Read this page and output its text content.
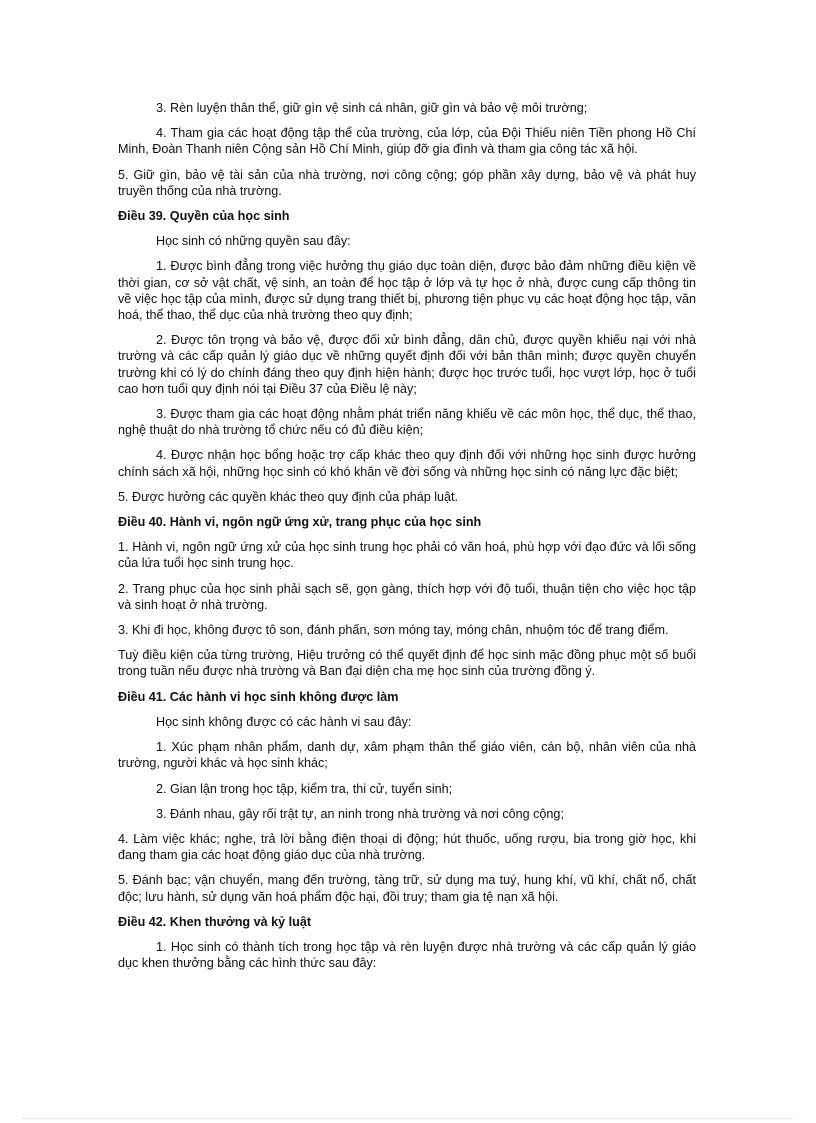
3. Rèn luyện thân thể, giữ gìn vệ sinh cá nhân, giữ gìn và bảo vệ môi trường;

4. Tham gia các hoạt động tập thể của trường, của lớp, của Đội Thiếu niên Tiền phong Hồ Chí Minh, Đoàn Thanh niên Cộng sản Hồ Chí Minh, giúp đỡ gia đình và tham gia công tác xã hội.

5. Giữ gìn, bảo vệ tài sản của nhà trường, nơi công cộng; góp phần xây dựng, bảo vệ và phát huy truyền thống của nhà trường.

Điều 39. Quyền của học sinh

Học sinh có những quyền sau đây:

1. Được bình đẳng trong việc hưởng thụ giáo dục toàn diện, được bảo đảm những điều kiện về thời gian, cơ sở vật chất, vệ sinh, an toàn để học tập ở lớp và tự học ở nhà, được cung cấp thông tin về việc học tập của mình, được sử dụng trang thiết bị, phương tiện phục vụ các hoạt động học tập, văn hoá, thể thao, thể dục của nhà trường theo quy định;

2. Được tôn trọng và bảo vệ, được đối xử bình đẳng, dân chủ, được quyền khiếu nại với nhà trường và các cấp quản lý giáo dục về những quyết định đối với bản thân mình; được quyền chuyển trường khi có lý do chính đáng theo quy định hiện hành; được học trước tuổi, học vượt lớp, học ở tuổi cao hơn tuổi quy định nói tại Điều 37 của Điều lệ này;

3. Được tham gia các hoạt động nhằm phát triển năng khiếu về các môn học, thể dục, thể thao, nghệ thuật do nhà trường tổ chức nếu có đủ điều kiện;

4. Được nhận học bổng hoặc trợ cấp khác theo quy định đối với những học sinh được hưởng chính sách xã hội, những học sinh có khó khăn về đời sống và những học sinh có năng lực đặc biệt;

5. Được hưởng các quyền khác theo quy định của pháp luật.

Điều 40. Hành vi, ngôn ngữ ứng xử, trang phục của học sinh

1. Hành vi, ngôn ngữ ứng xử của học sinh trung học phải có văn hoá, phù hợp với đạo đức và lối sống của lứa tuổi học sinh trung học.

2. Trang phục của học sinh phải sạch sẽ, gọn gàng, thích hợp với độ tuổi, thuận tiện cho việc học tập và sinh hoạt ở nhà trường.

3. Khi đi học, không được tô son, đánh phấn, sơn móng tay, móng chân, nhuộm tóc để trang điểm.

Tuỳ điều kiện của từng trường, Hiệu trưởng có thể quyết định để học sinh mặc đồng phục một số buổi trong tuần nếu được nhà trường và Ban đại diện cha mẹ học sinh của trường đồng ý.

Điều 41. Các hành vi học sinh không được làm

Học sinh không được có các hành vi sau đây:

1. Xúc phạm nhân phẩm, danh dự, xâm phạm thân thể giáo viên, cán bộ, nhân viên của nhà trường, người khác và học sinh khác;

2. Gian lận trong học tập, kiểm tra, thi cử, tuyển sinh;

3. Đánh nhau, gây rối trật tự, an ninh trong nhà trường và nơi công cộng;

4. Làm việc khác; nghe, trả lời bằng điện thoại di động; hút thuốc, uống rượu, bia trong giờ học, khi đang tham gia các hoạt động giáo dục của nhà trường.

5. Đánh bạc; vận chuyển, mang đến trường, tàng trữ, sử dụng ma tuý, hung khí, vũ khí, chất nổ, chất độc; lưu hành, sử dụng văn hoá phẩm độc hại, đồi truy; tham gia tệ nạn xã hội.

Điều 42. Khen thưởng và kỷ luật

1. Học sinh có thành tích trong học tập và rèn luyện được nhà trường và các cấp quản lý giáo dục khen thưởng bằng các hình thức sau đây:
